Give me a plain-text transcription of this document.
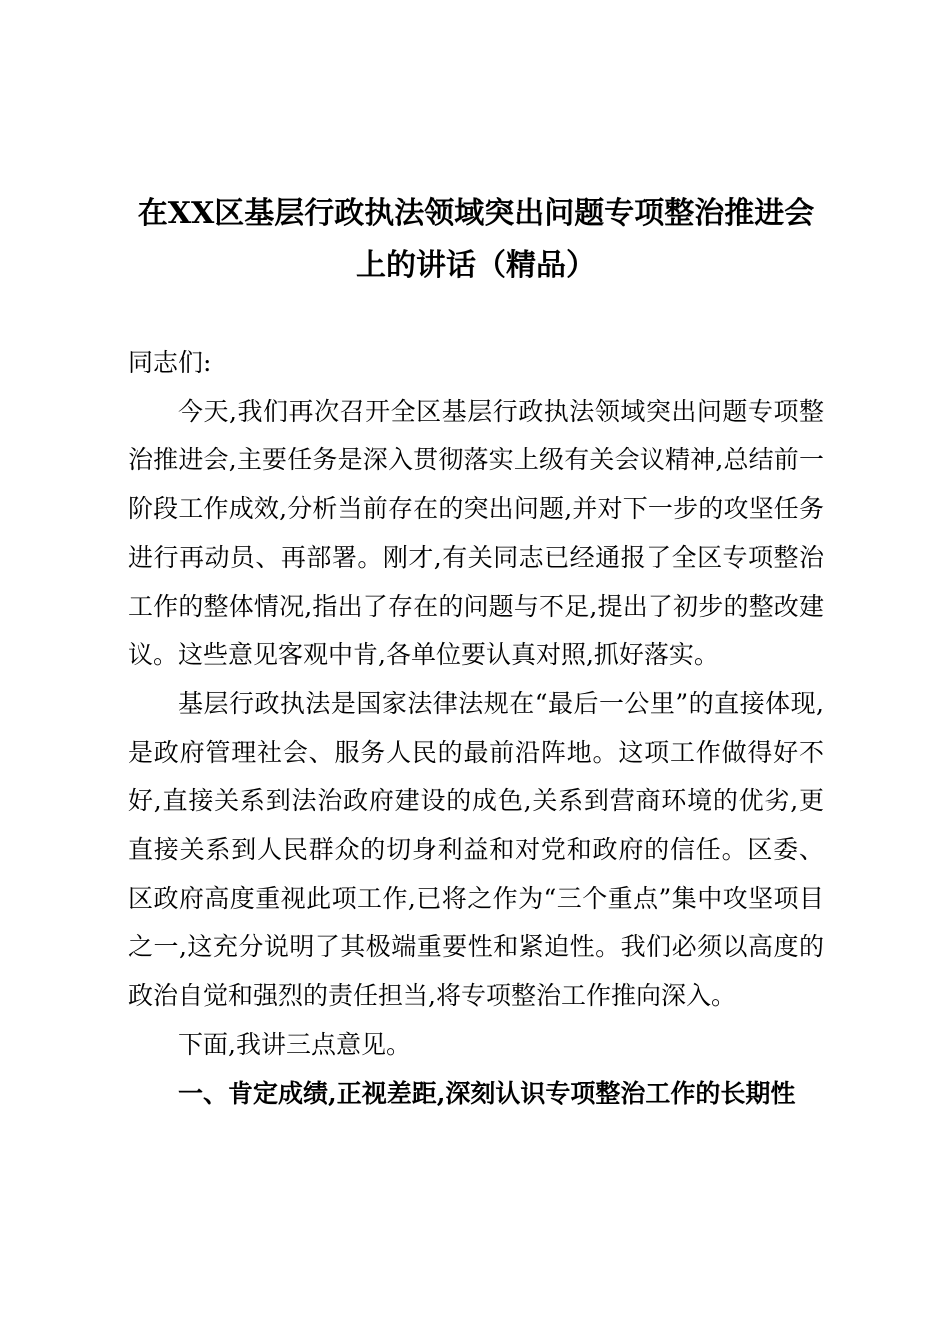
在XX区基层行政执法领域突出问题专项整治推进会上的讲话（精品）

同志们:

今天,我们再次召开全区基层行政执法领域突出问题专项整治推进会,主要任务是深入贯彻落实上级有关会议精神,总结前一阶段工作成效,分析当前存在的突出问题,并对下一步的攻坚任务进行再动员、再部署。刚才,有关同志已经通报了全区专项整治工作的整体情况,指出了存在的问题与不足,提出了初步的整改建议。这些意见客观中肯,各单位要认真对照,抓好落实。

基层行政执法是国家法律法规在“最后一公里”的直接体现,是政府管理社会、服务人民的最前沿阵地。这项工作做得好不好,直接关系到法治政府建设的成色,关系到营商环境的优劣,更直接关系到人民群众的切身利益和对党和政府的信任。区委、区政府高度重视此项工作,已将之作为“三个重点”集中攻坚项目之一,这充分说明了其极端重要性和紧迫性。我们必须以高度的政治自觉和强烈的责任担当,将专项整治工作推向深入。

下面,我讲三点意见。

一、肯定成绩,正视差距,深刻认识专项整治工作的长期性
